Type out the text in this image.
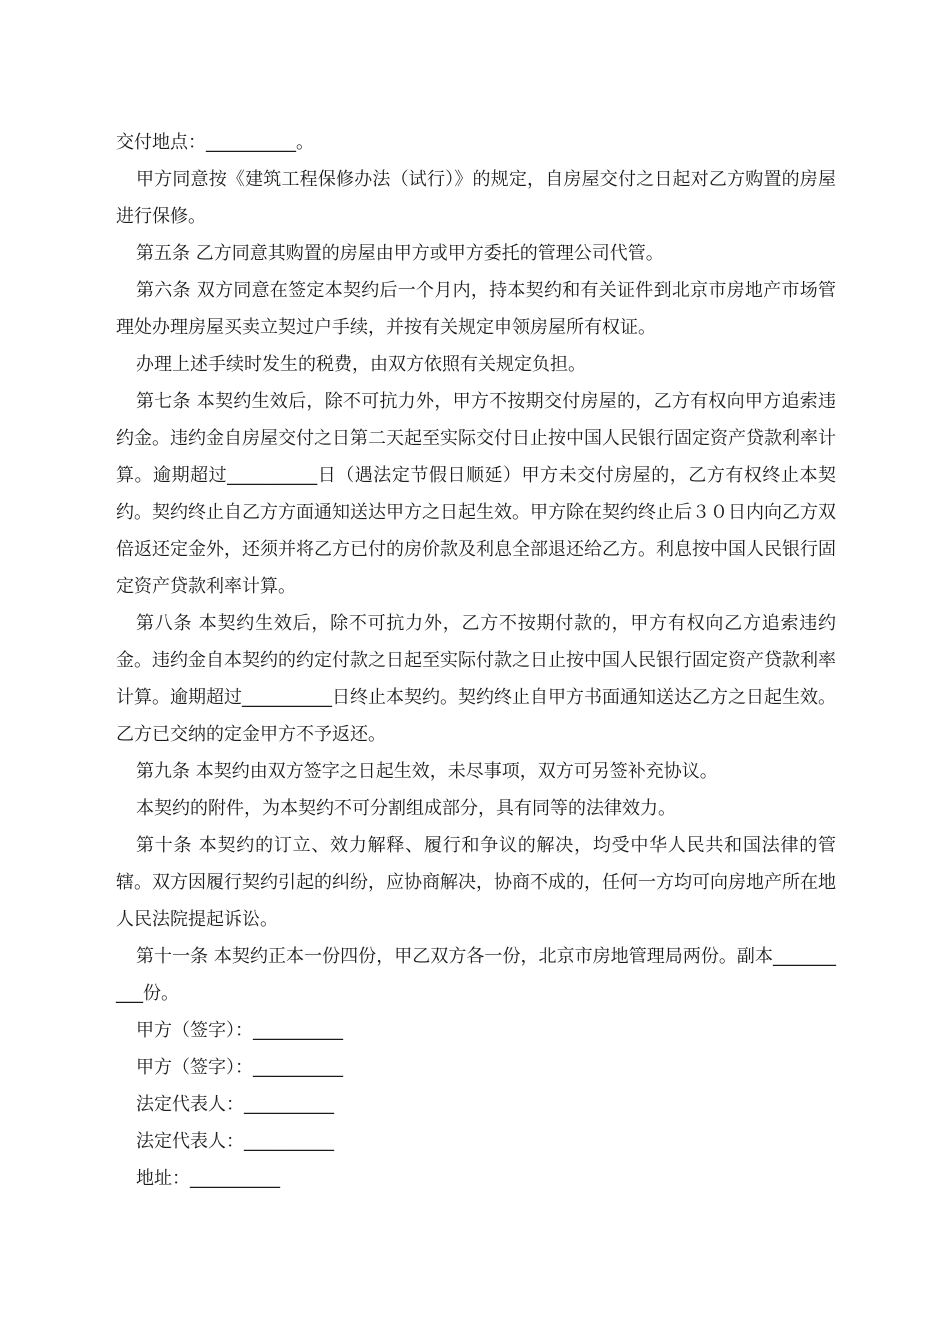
交付地点：__________。

甲方同意按《建筑工程保修办法（试行）》的规定，自房屋交付之日起对乙方购置的房屋进行保修。

第五条 乙方同意其购置的房屋由甲方或甲方委托的管理公司代管。

第六条 双方同意在签定本契约后一个月内，持本契约和有关证件到北京市房地产市场管理处办理房屋买卖立契过户手续，并按有关规定申领房屋所有权证。

办理上述手续时发生的税费，由双方依照有关规定负担。

第七条 本契约生效后，除不可抗力外，甲方不按期交付房屋的，乙方有权向甲方追索违约金。违约金自房屋交付之日第二天起至实际交付日止按中国人民银行固定资产贷款利率计算。逾期超过__________日（遇法定节假日顺延）甲方未交付房屋的，乙方有权终止本契约。契约终止自乙方方面通知送达甲方之日起生效。甲方除在契约终止后３０日内向乙方双倍返还定金外，还须并将乙方已付的房价款及利息全部退还给乙方。利息按中国人民银行固定资产贷款利率计算。

第八条 本契约生效后，除不可抗力外，乙方不按期付款的，甲方有权向乙方追索违约金。违约金自本契约的约定付款之日起至实际付款之日止按中国人民银行固定资产贷款利率计算。逾期超过__________日终止本契约。契约终止自甲方书面通知送达乙方之日起生效。乙方已交纳的定金甲方不予返还。

第九条 本契约由双方签字之日起生效，未尽事项，双方可另签补充协议。

本契约的附件，为本契约不可分割组成部分，具有同等的法律效力。

第十条 本契约的订立、效力解释、履行和争议的解决，均受中华人民共和国法律的管辖。双方因履行契约引起的纠纷，应协商解决，协商不成的，任何一方均可向房地产所在地人民法院提起诉讼。

第十一条 本契约正本一份四份，甲乙双方各一份，北京市房地管理局两份。副本__________份。

甲方（签字）：__________

甲方（签字）：__________

法定代表人：__________

法定代表人：__________

地址：__________
